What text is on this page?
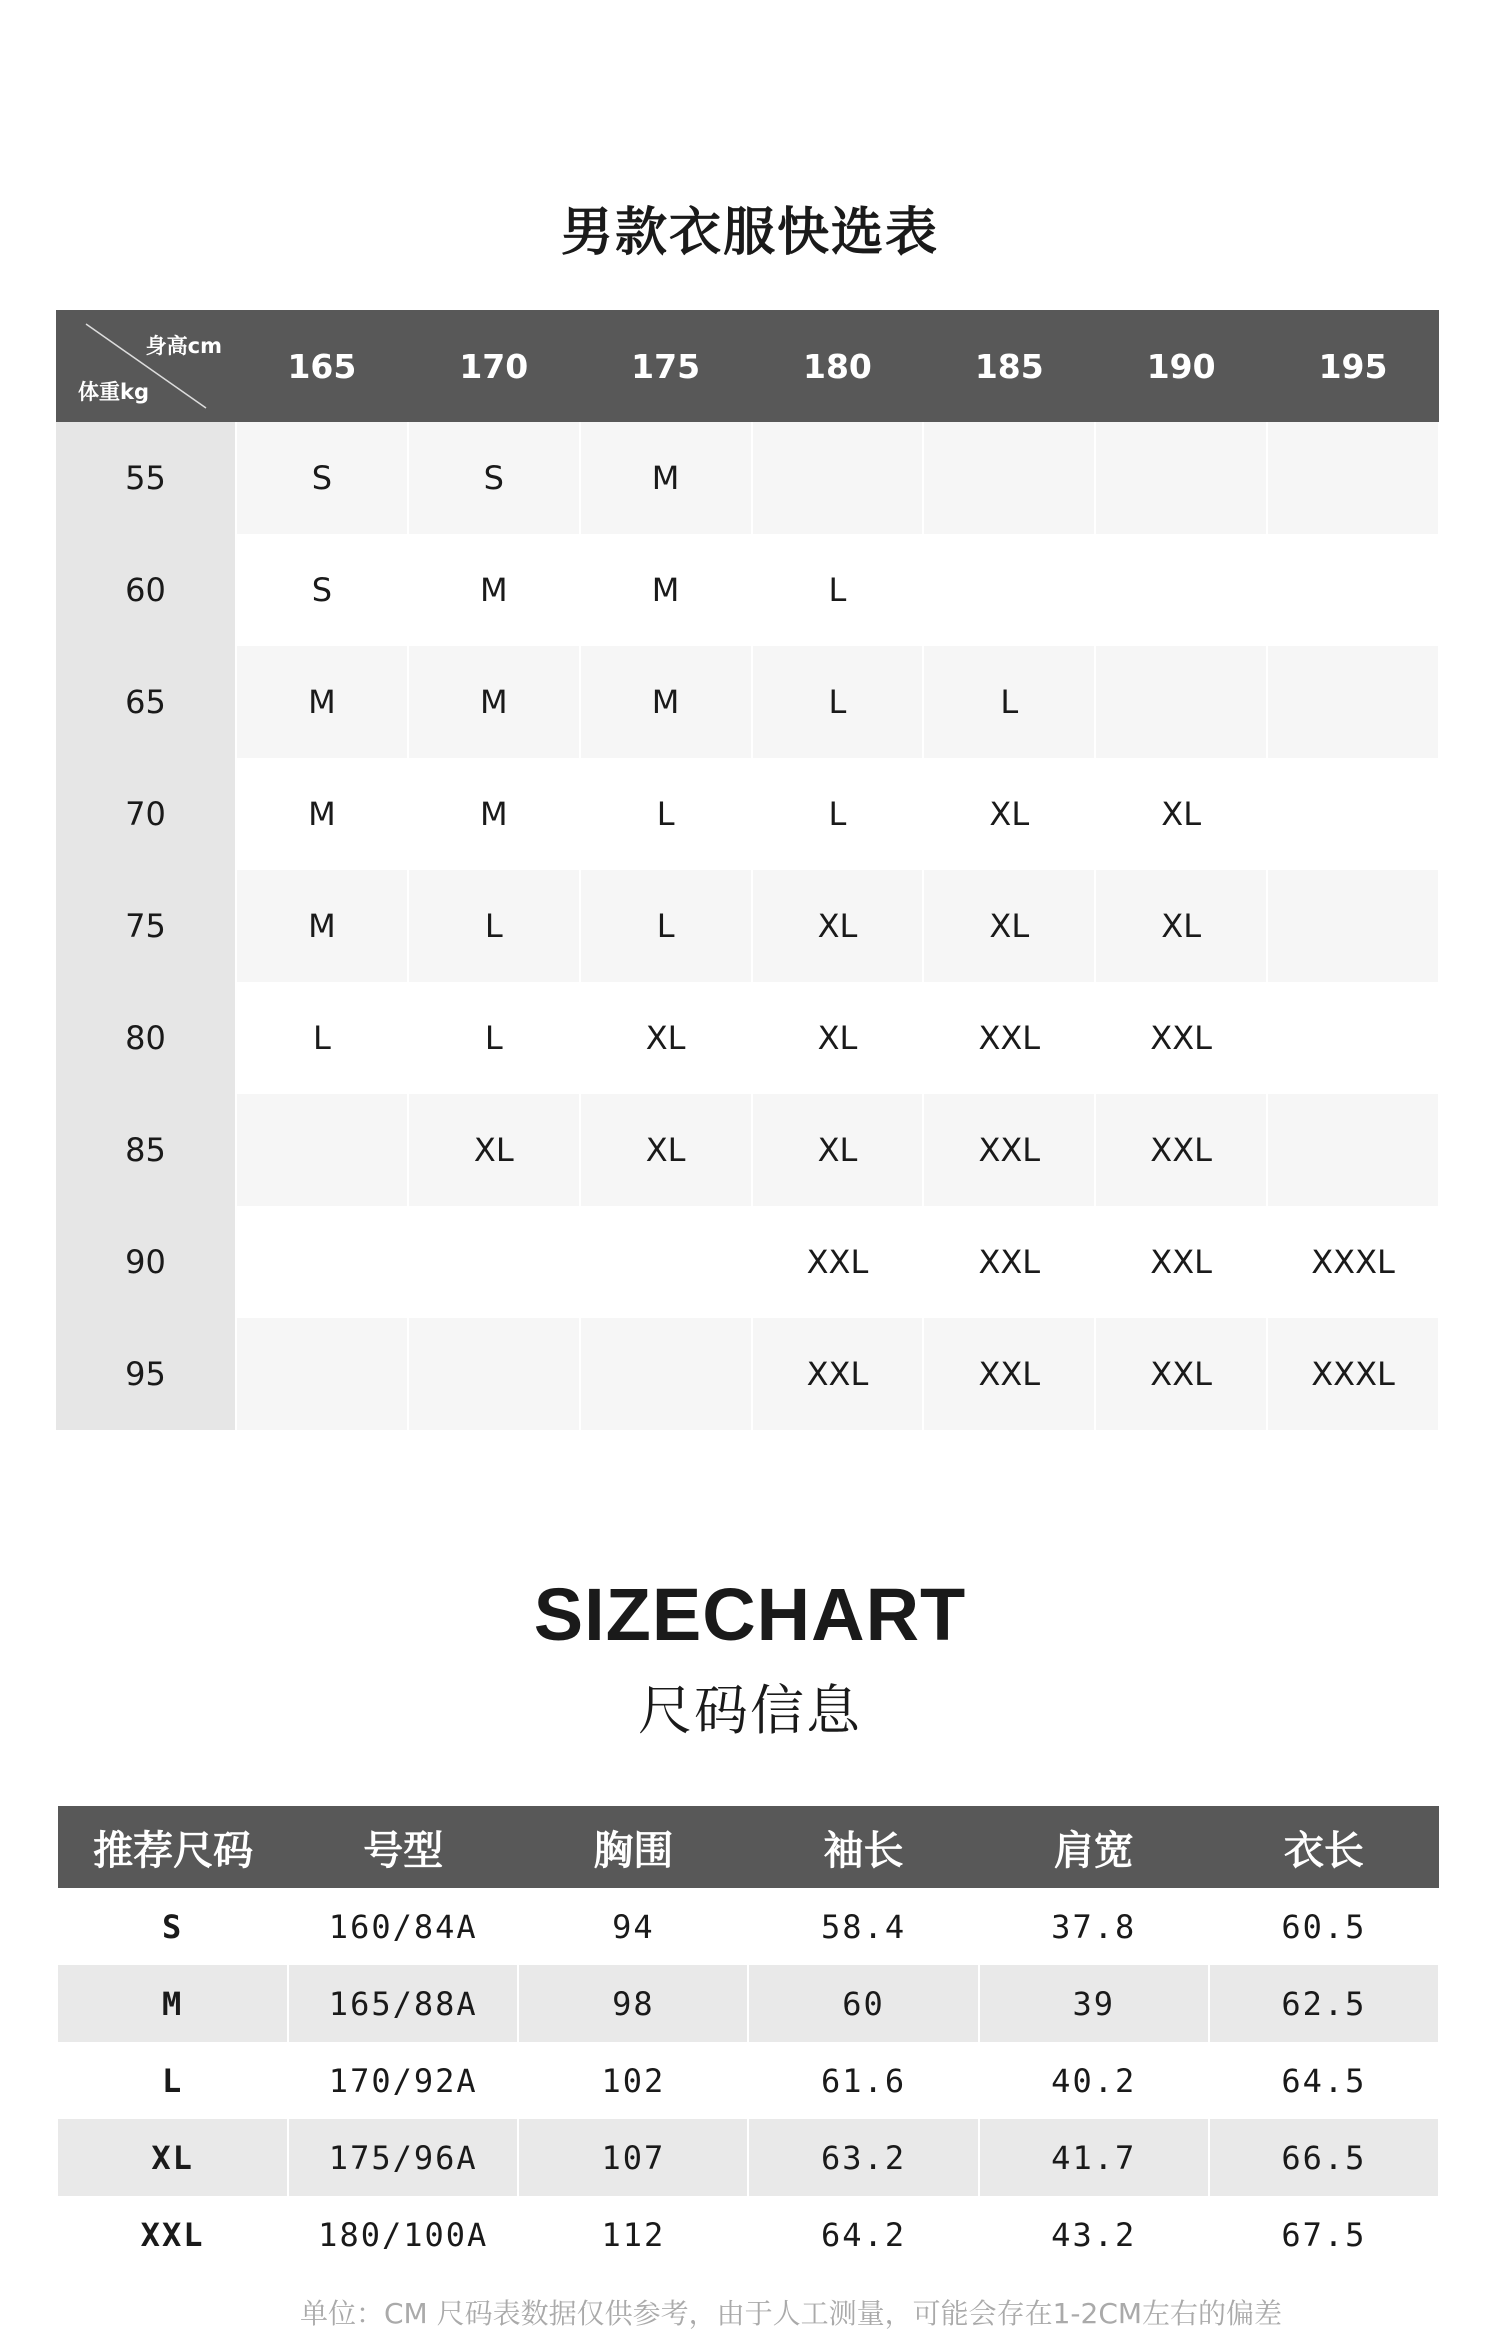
男款衣服快选表
身高cm
体重kg	165	170	175	180	185	190	195
55	S	S	M				
60	S	M	M	L			
65	M	M	M	L	L		
70	M	M	L	L	XL	XL	
75	M	L	L	XL	XL	XL	
80	L	L	XL	XL	XXL	XXL	
85		XL	XL	XL	XXL	XXL	
90				XXL	XXL	XXL	XXXL
95				XXL	XXL	XXL	XXXL
SIZECHART
尺码信息
推荐尺码	号型	胸围	袖长	肩宽	衣长
S	160/84A	94	58.4	37.8	60.5
M	165/88A	98	60	39	62.5
L	170/92A	102	61.6	40.2	64.5
XL	175/96A	107	63.2	41.7	66.5
XXL	180/100A	112	64.2	43.2	67.5
单位：CM 尺码表数据仅供参考，由于人工测量，可能会存在1-2CM左右的偏差
